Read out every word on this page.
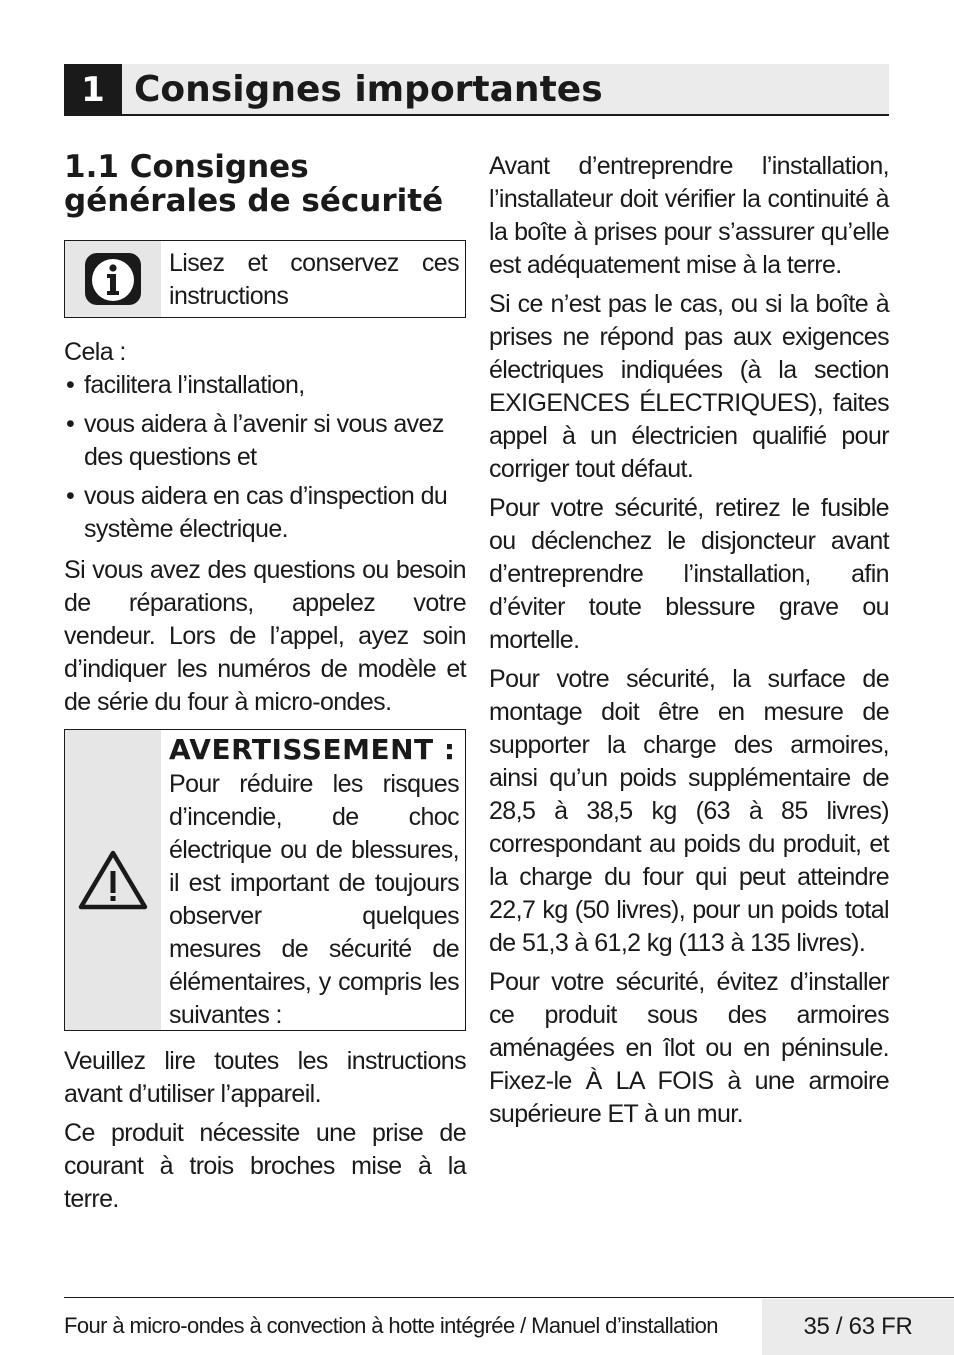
1 Consignes importantes
1.1 Consignes générales de sécurité
Lisez et conservez ces instructions

Cela :

• facilitera l’installation,
• vous aidera à l’avenir si vous avez des questions et
• vous aidera en cas d’inspection du système électrique.

Si vous avez des questions ou besoin de réparations, appelez votre vendeur. Lors de l’appel, ayez soin d’indiquer les numéros de modèle et de série du four à micro-ondes.

AVERTISSEMENT :
Pour réduire les risques d’incendie, de choc électrique ou de blessures, il est important de toujours observer quelques mesures de sécurité de élémentaires, y compris les suivantes :

Veuillez lire toutes les instructions avant d’utiliser l’appareil.

Ce produit nécessite une prise de courant à trois broches mise à la terre.

Avant d’entreprendre l’installation, l’installateur doit vérifier la continuité à la boîte à prises pour s’assurer qu’elle est adéquatement mise à la terre.

Si ce n’est pas le cas, ou si la boîte à prises ne répond pas aux exigences électriques indiquées (à la section EXIGENCES ÉLECTRIQUES), faites appel à un électricien qualifié pour corriger tout défaut.

Pour votre sécurité, retirez le fusible ou déclenchez le disjoncteur avant d’entreprendre l’installation, afin d’éviter toute blessure grave ou mortelle.

Pour votre sécurité, la surface de montage doit être en mesure de supporter la charge des armoires, ainsi qu’un poids supplémentaire de 28,5 à 38,5 kg (63 à 85 livres) correspondant au poids du produit, et la charge du four qui peut atteindre 22,7 kg (50 livres), pour un poids total de 51,3 à 61,2 kg (113 à 135 livres).

Pour votre sécurité, évitez d’installer ce produit sous des armoires aménagées en îlot ou en péninsule. Fixez-le À LA FOIS à une armoire supérieure ET à un mur.

Four à micro-ondes à convection à hotte intégrée / Manuel d’installation	35 / 63 FR
